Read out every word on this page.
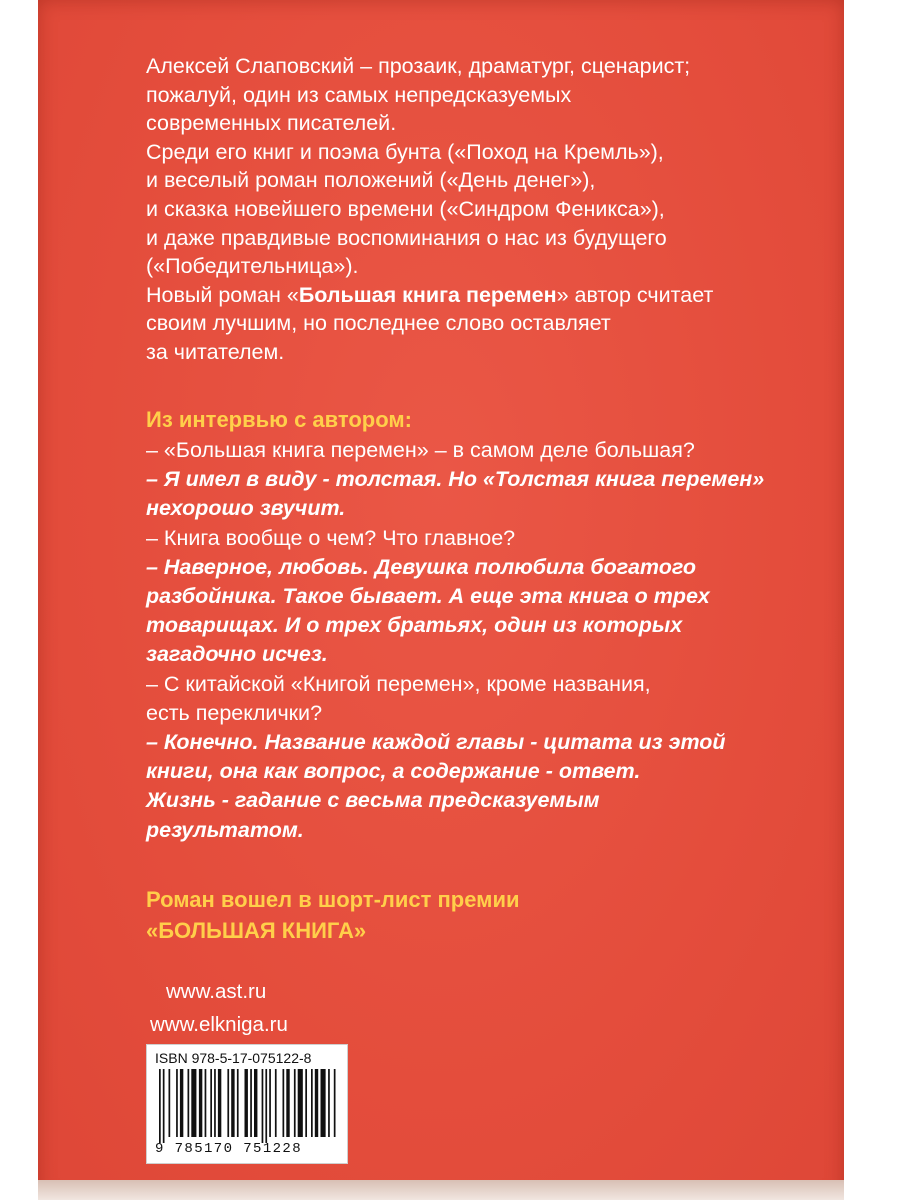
Алексей Слаповский – прозаик, драматург, сценарист;

пожалуй, один из самых непредсказуемых

современных писателей.

Среди его книг и поэма бунта («Поход на Кремль»),

и веселый роман положений («День денег»),

и сказка новейшего времени («Синдром Феникса»),

и даже правдивые воспоминания о нас из будущего

(«Победительница»).

Новый роман «Большая книга перемен» автор считает

своим лучшим, но последнее слово оставляет

за читателем.

Из интервью с автором:

– «Большая книга перемен» – в самом деле большая?

– Я имел в виду - толстая. Но «Толстая книга перемен»

нехорошо звучит.

– Книга вообще о чем? Что главное?

– Наверное, любовь. Девушка полюбила богатого

разбойника. Такое бывает. А еще эта книга о трех

товарищах. И о трех братьях, один из которых

загадочно исчез.

– С китайской «Книгой перемен», кроме названия,

есть переклички?

– Конечно. Название каждой главы - цитата из этой

книги, она как вопрос, а содержание - ответ.

Жизнь - гадание с весьма предсказуемым

результатом.

Роман вошел в шорт-лист премии

«БОЛЬШАЯ КНИГА»

www.ast.ru

www.elkniga.ru

ISBN 978-5-17-075122-8
9 785170 751228
